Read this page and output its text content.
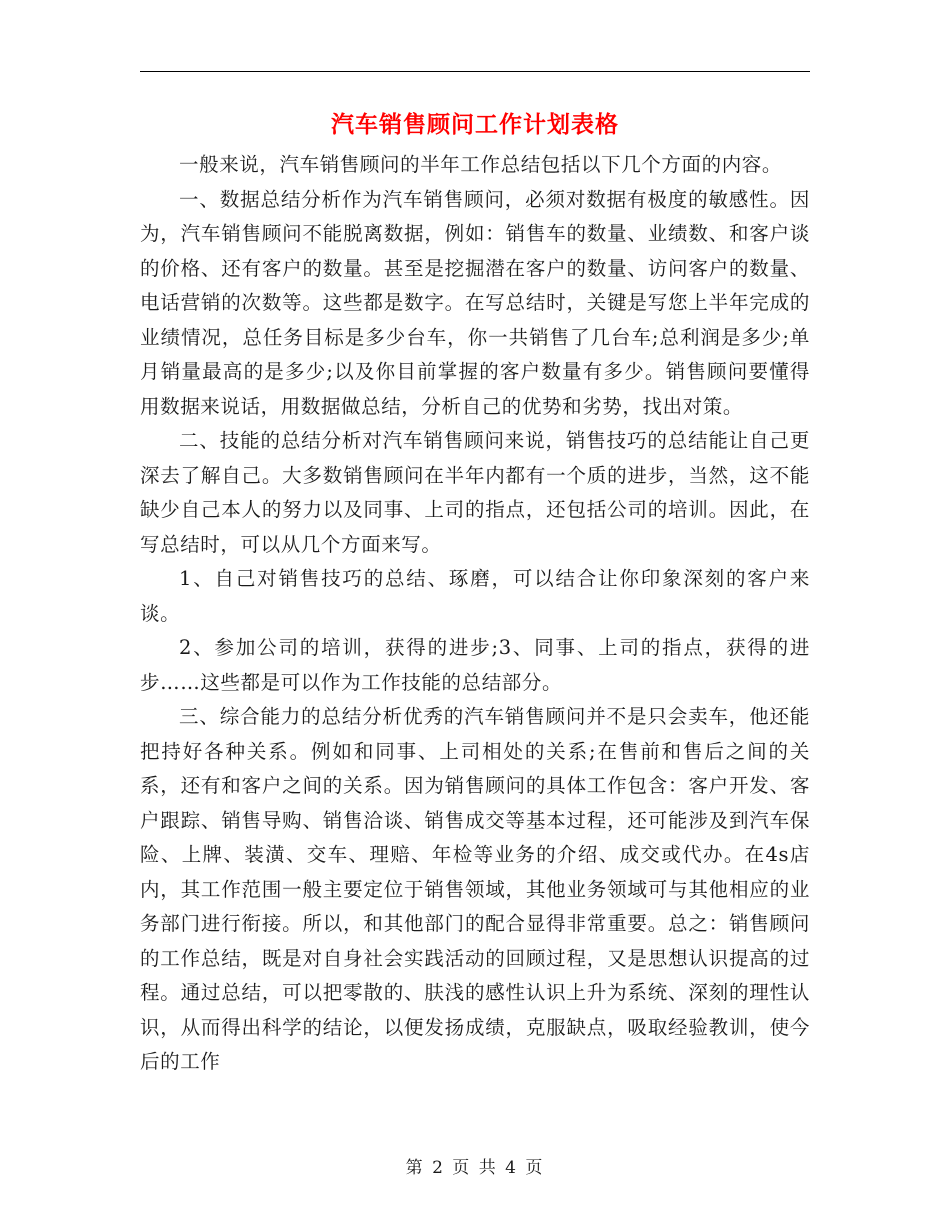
汽车销售顾问工作计划表格

一般来说，汽车销售顾问的半年工作总结包括以下几个方面的内容。

一、数据总结分析作为汽车销售顾问，必须对数据有极度的敏感性。因为，汽车销售顾问不能脱离数据，例如：销售车的数量、业绩数、和客户谈的价格、还有客户的数量。甚至是挖掘潜在客户的数量、访问客户的数量、电话营销的次数等。这些都是数字。在写总结时，关键是写您上半年完成的业绩情况，总任务目标是多少台车，你一共销售了几台车;总利润是多少;单月销量最高的是多少;以及你目前掌握的客户数量有多少。销售顾问要懂得用数据来说话，用数据做总结，分析自己的优势和劣势，找出对策。

二、技能的总结分析对汽车销售顾问来说，销售技巧的总结能让自己更深去了解自己。大多数销售顾问在半年内都有一个质的进步，当然，这不能缺少自己本人的努力以及同事、上司的指点，还包括公司的培训。因此，在写总结时，可以从几个方面来写。

1、自己对销售技巧的总结、琢磨，可以结合让你印象深刻的客户来谈。

2、参加公司的培训，获得的进步;3、同事、上司的指点，获得的进步……这些都是可以作为工作技能的总结部分。

三、综合能力的总结分析优秀的汽车销售顾问并不是只会卖车，他还能把持好各种关系。例如和同事、上司相处的关系;在售前和售后之间的关系，还有和客户之间的关系。因为销售顾问的具体工作包含：客户开发、客户跟踪、销售导购、销售洽谈、销售成交等基本过程，还可能涉及到汽车保险、上牌、装潢、交车、理赔、年检等业务的介绍、成交或代办。在4s店内，其工作范围一般主要定位于销售领域，其他业务领域可与其他相应的业务部门进行衔接。所以，和其他部门的配合显得非常重要。总之：销售顾问的工作总结，既是对自身社会实践活动的回顾过程，又是思想认识提高的过程。通过总结，可以把零散的、肤浅的感性认识上升为系统、深刻的理性认识，从而得出科学的结论，以便发扬成绩，克服缺点，吸取经验教训，使今后的工作

第 2 页 共 4 页
